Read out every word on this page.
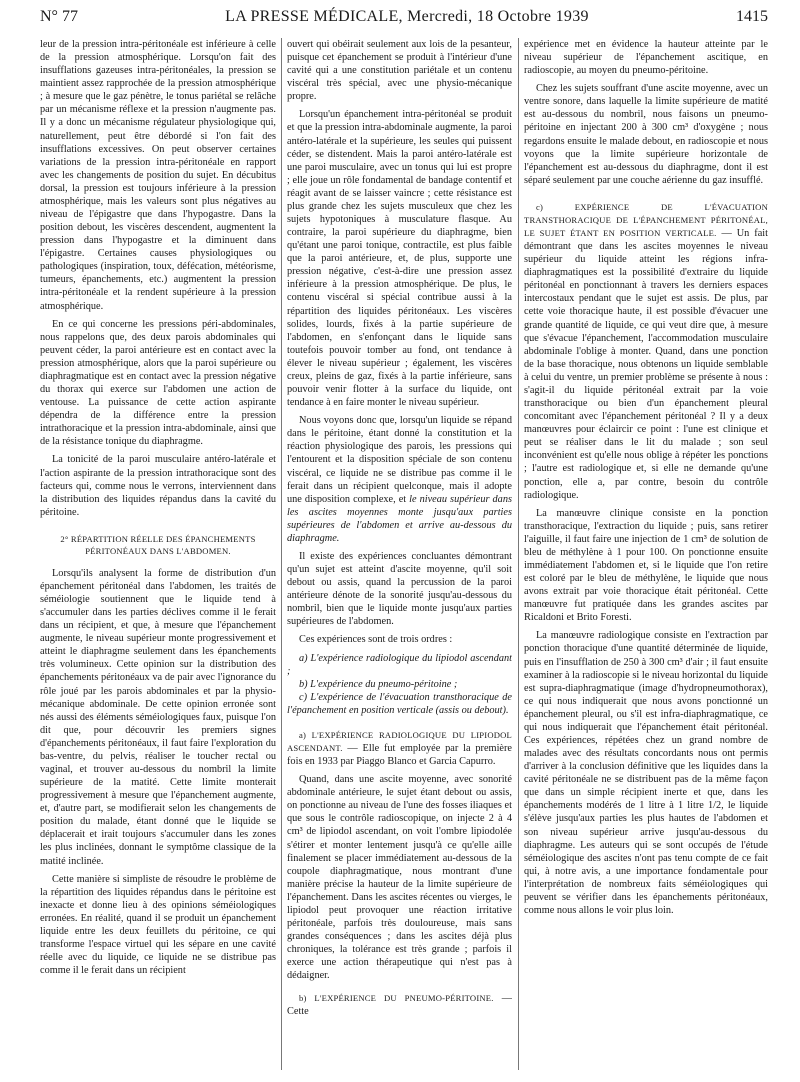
N° 77	LA PRESSE MÉDICALE, Mercredi, 18 Octobre 1939	1415

leur de la pression intra-péritonéale est inférieure à celle de la pression atmosphérique. Lorsqu'on fait des insufflations gazeuses intra-péritonéales, la pression se maintient assez rapprochée de la pression atmosphérique ; à mesure que le gaz pénètre, le tonus pariétal se relâche par un mécanisme réflexe et la pression n'augmente pas. Il y a donc un mécanisme régulateur physiologique qui, naturellement, peut être débordé si l'on fait des insufflations excessives. On peut observer certaines variations de la pression intra-péritonéale en rapport avec les changements de position du sujet. En décubitus dorsal, la pression est toujours inférieure à la pression atmosphérique, mais les valeurs sont plus négatives au niveau de l'épigastre que dans l'hypogastre. Dans la position debout, les viscères descendent, augmentent la pression dans l'hypogastre et la diminuent dans l'épigastre. Certaines causes physiologiques ou pathologiques (inspiration, toux, défécation, météorisme, tumeurs, épanchements, etc.) augmentent la pression intra-péritonéale et la rendent supérieure à la pression atmosphérique.

En ce qui concerne les pressions péri-abdominales, nous rappelons que, des deux parois abdominales qui peuvent céder, la paroi antérieure est en contact avec la pression atmosphérique, alors que la paroi supérieure ou diaphragmatique est en contact avec la pression négative du thorax qui exerce sur l'abdomen une action de ventouse. La puissance de cette action aspirante dépendra de la différence entre la pression intrathoracique et la pression intra-abdominale, ainsi que de la résistance tonique du diaphragme.

La tonicité de la paroi musculaire antéro-latérale et l'action aspirante de la pression intrathoracique sont des facteurs qui, comme nous le verrons, interviennent dans la distribution des liquides répandus dans la cavité du péritoine.

2° RÉPARTITION RÉELLE DES ÉPANCHEMENTS PÉRITONÉAUX DANS L'ABDOMEN.

Lorsqu'ils analysent la forme de distribution d'un épanchement péritonéal dans l'abdomen, les traités de séméiologie soutiennent que le liquide tend à s'accumuler dans les parties déclives comme il le ferait dans un récipient, et que, à mesure que l'épanchement augmente, le niveau supérieur monte progressivement et atteint le diaphragme seulement dans les épanchements très volumineux. Cette opinion sur la distribution des épanchements péritonéaux va de pair avec l'ignorance du rôle joué par les parois abdominales et par la physio-mécanique abdominale. De cette opinion erronée sont nés aussi des éléments séméiologiques faux, puisque l'on dit que, pour découvrir les premiers signes d'épanchements péritonéaux, il faut faire l'exploration du bas-ventre, du pelvis, réaliser le toucher rectal ou vaginal, et trouver au-dessous du nombril la limite supérieure de la matité. Cette limite monterait progressivement à mesure que l'épanchement augmente, et, d'autre part, se modifierait selon les changements de position du malade, étant donné que le liquide se déplacerait et irait toujours s'accumuler dans les zones les plus inclinées, donnant le symptôme classique de la matité inclinée.

Cette manière si simpliste de résoudre le problème de la répartition des liquides répandus dans le péritoine est inexacte et donne lieu à des opinions séméiologiques erronées. En réalité, quand il se produit un épanchement liquide entre les deux feuillets du péritoine, ce qui transforme l'espace virtuel qui les sépare en une cavité réelle avec du liquide, ce liquide ne se distribue pas comme il le ferait dans un récipient

ouvert qui obéirait seulement aux lois de la pesanteur, puisque cet épanchement se produit à l'intérieur d'une cavité qui a une constitution pariétale et un contenu viscéral très spécial, avec une physio-mécanique propre.

Lorsqu'un épanchement intra-péritonéal se produit et que la pression intra-abdominale augmente, la paroi antéro-latérale et la supérieure, les seules qui puissent céder, se distendent. Mais la paroi antéro-latérale est une paroi musculaire, avec un tonus qui lui est propre ; elle joue un rôle fondamental de bandage contentif et réagit avant de se laisser vaincre ; cette résistance est plus grande chez les sujets musculeux que chez les sujets hypotoniques à musculature flasque. Au contraire, la paroi supérieure du diaphragme, bien qu'étant une paroi tonique, contractile, est plus faible que la paroi antérieure, et, de plus, supporte une pression négative, c'est-à-dire une pression assez inférieure à la pression atmosphérique. De plus, le contenu viscéral si spécial contribue aussi à la répartition des liquides péritonéaux. Les viscères solides, lourds, fixés à la partie supérieure de l'abdomen, en s'enfonçant dans le liquide sans toutefois pouvoir tomber au fond, ont tendance à élever le niveau supérieur ; également, les viscères creux, pleins de gaz, fixés à la partie inférieure, sans pouvoir venir flotter à la surface du liquide, ont tendance à en faire monter le niveau supérieur.

Nous voyons donc que, lorsqu'un liquide se répand dans le péritoine, étant donné la constitution et la réaction physiologique des parois, les pressions qui l'entourent et la disposition spéciale de son contenu viscéral, ce liquide ne se distribue pas comme il le ferait dans un récipient quelconque, mais il adopte une disposition complexe, et le niveau supérieur dans les ascites moyennes monte jusqu'aux parties supérieures de l'abdomen et arrive au-dessous du diaphragme.

Il existe des expériences concluantes démontrant qu'un sujet est atteint d'ascite moyenne, qu'il soit debout ou assis, quand la percussion de la paroi antérieure dénote de la sonorité jusqu'au-dessous du nombril, bien que le liquide monte jusqu'aux parties supérieures de l'abdomen.

Ces expériences sont de trois ordres :

a) L'expérience radiologique du lipiodol ascendant ;

b) L'expérience du pneumo-péritoine ;

c) L'expérience de l'évacuation transthoracique de l'épanchement en position verticale (assis ou debout).

a) L'EXPÉRIENCE RADIOLOGIQUE DU LIPIODOL ASCENDANT. — Elle fut employée par la première fois en 1933 par Piaggo Blanco et Garcia Capurro.

Quand, dans une ascite moyenne, avec sonorité abdominale antérieure, le sujet étant debout ou assis, on ponctionne au niveau de l'une des fosses iliaques et que sous le contrôle radioscopique, on injecte 2 à 4 cm³ de lipiodol ascendant, on voit l'ombre lipiodolée s'étirer et monter lentement jusqu'à ce qu'elle aille finalement se placer immédiatement au-dessous de la coupole diaphragmatique, nous montrant d'une manière précise la hauteur de la limite supérieure de l'épanchement. Dans les ascites récentes ou vierges, le lipiodol peut provoquer une réaction irritative péritonéale, parfois très douloureuse, mais sans grandes conséquences ; dans les ascites déjà plus chroniques, la tolérance est très grande ; parfois il exerce une action thérapeutique qui n'est pas à dédaigner.

b) L'EXPÉRIENCE DU PNEUMO-PÉRITOINE. — Cette

expérience met en évidence la hauteur atteinte par le niveau supérieur de l'épanchement ascitique, en radioscopie, au moyen du pneumo-péritoine.

Chez les sujets souffrant d'une ascite moyenne, avec un ventre sonore, dans laquelle la limite supérieure de matité est au-dessous du nombril, nous faisons un pneumo-péritoine en injectant 200 à 300 cm³ d'oxygène ; nous regardons ensuite le malade debout, en radioscopie et nous voyons que la limite supérieure horizontale de l'épanchement est au-dessous du diaphragme, dont il est séparé seulement par une couche aérienne du gaz insufflé.

c) EXPÉRIENCE DE L'ÉVACUATION TRANSTHORACIQUE DE L'ÉPANCHEMENT PÉRITONÉAL, LE SUJET ÉTANT EN POSITION VERTICALE. — Un fait démontrant que dans les ascites moyennes le niveau supérieur du liquide atteint les régions infra-diaphragmatiques est la possibilité d'extraire du liquide péritonéal en ponctionnant à travers les derniers espaces intercostaux pendant que le sujet est assis. De plus, par cette voie thoracique haute, il est possible d'évacuer une grande quantité de liquide, ce qui veut dire que, à mesure que s'évacue l'épanchement, l'accommodation musculaire abdominale l'oblige à monter. Quand, dans une ponction de la base thoracique, nous obtenons un liquide semblable à celui du ventre, un premier problème se présente à nous : s'agit-il du liquide péritonéal extrait par la voie transthoracique ou bien d'un épanchement pleural concomitant avec l'épanchement péritonéal ? Il y a deux manœuvres pour éclaircir ce point : l'une est clinique et peut se réaliser dans le lit du malade ; son seul inconvénient est qu'elle nous oblige à répéter les ponctions ; l'autre est radiologique et, si elle ne demande qu'une ponction, elle a, par contre, besoin du contrôle radiologique.

La manœuvre clinique consiste en la ponction transthoracique, l'extraction du liquide ; puis, sans retirer l'aiguille, il faut faire une injection de 1 cm³ de solution de bleu de méthylène à 1 pour 100. On ponctionne ensuite immédiatement l'abdomen et, si le liquide que l'on retire est coloré par le bleu de méthylène, le liquide que nous avons extrait par voie thoracique était péritonéal. Cette manœuvre fut pratiquée dans les grandes ascites par Ricaldoni et Brito Foresti.

La manœuvre radiologique consiste en l'extraction par ponction thoracique d'une quantité déterminée de liquide, puis en l'insufflation de 250 à 300 cm³ d'air ; il faut ensuite examiner à la radioscopie si le niveau horizontal du liquide est supra-diaphragmatique (image d'hydropneumothorax), ce qui nous indiquerait que nous avons ponctionné un épanchement pleural, ou s'il est infra-diaphragmatique, ce qui nous indiquerait que l'épanchement était péritonéal. Ces expériences, répétées chez un grand nombre de malades avec des résultats concordants nous ont permis d'arriver à la conclusion définitive que les liquides dans la cavité péritonéale ne se distribuent pas de la même façon que dans un simple récipient inerte et que, dans les épanchements modérés de 1 litre à 1 litre 1/2, le liquide s'élève jusqu'aux parties les plus hautes de l'abdomen et son niveau supérieur arrive jusqu'au-dessous du diaphragme. Les auteurs qui se sont occupés de l'étude séméiologique des ascites n'ont pas tenu compte de ce fait qui, à notre avis, a une importance fondamentale pour l'interprétation de nombreux faits séméiologiques qui peuvent se vérifier dans les épanchements péritonéaux, comme nous allons le voir plus loin.
